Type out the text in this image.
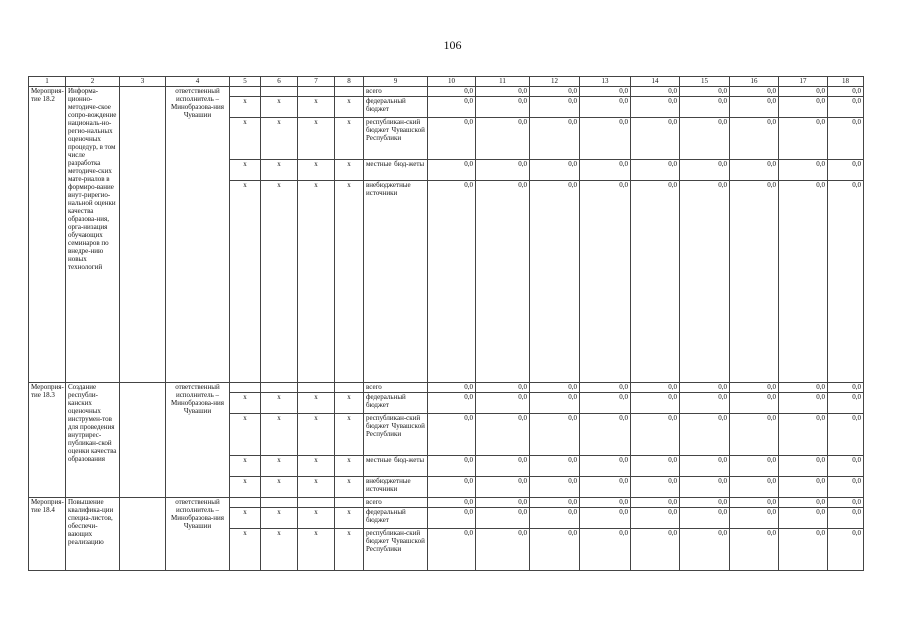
106
1	2	3	4	5	6	7	8	9	10	11	12	13	14	15	16	17	18
Мероприя-тие 18.2	Информа-ционно-методиче-ское сопро-вождение националь-но-регио-нальных оценочных процедур, в том числе разработка методиче-ских мате-риалов в формиро-вание внут-рирегио-нальной оценки качества образова-ния, орга-низация обучающих семинаров по внедре-нию новых технологий		ответственный исполнитель – Минобразова-ния Чувашии					всего	0,0	0,0	0,0	0,0	0,0	0,0	0,0	0,0	0,0
				x	x	x	x	федеральный бюджет	0,0	0,0	0,0	0,0	0,0	0,0	0,0	0,0	0,0
				x	x	x	x	республикан-ский бюджет Чувашской Республики	0,0	0,0	0,0	0,0	0,0	0,0	0,0	0,0	0,0
				x	x	x	x	местные бюд-жеты	0,0	0,0	0,0	0,0	0,0	0,0	0,0	0,0	0,0
				x	x	x	x	внебюджетные источники	0,0	0,0	0,0	0,0	0,0	0,0	0,0	0,0	0,0
Мероприя-тие 18.3	Создание республи-канских оценочных инструмен-тов для проведения внутрирес-публикан-ской оценки качества образования		ответственный исполнитель – Минобразова-ния Чувашии					всего	0,0	0,0	0,0	0,0	0,0	0,0	0,0	0,0	0,0
				x	x	x	x	федеральный бюджет	0,0	0,0	0,0	0,0	0,0	0,0	0,0	0,0	0,0
				x	x	x	x	республикан-ский бюджет Чувашской Республики	0,0	0,0	0,0	0,0	0,0	0,0	0,0	0,0	0,0
				x	x	x	x	местные бюд-жеты	0,0	0,0	0,0	0,0	0,0	0,0	0,0	0,0	0,0
				x	x	x	x	внебюджетные источники	0,0	0,0	0,0	0,0	0,0	0,0	0,0	0,0	0,0
Мероприя-тие 18.4	Повышение квалифика-ции специа-листов, обеспечи-вающих реализацию		ответственный исполнитель – Минобразова-ния Чувашии					всего	0,0	0,0	0,0	0,0	0,0	0,0	0,0	0,0	0,0
				x	x	x	x	федеральный бюджет	0,0	0,0	0,0	0,0	0,0	0,0	0,0	0,0	0,0
				x	x	x	x	республикан-ский бюджет Чувашской Республики	0,0	0,0	0,0	0,0	0,0	0,0	0,0	0,0	0,0
